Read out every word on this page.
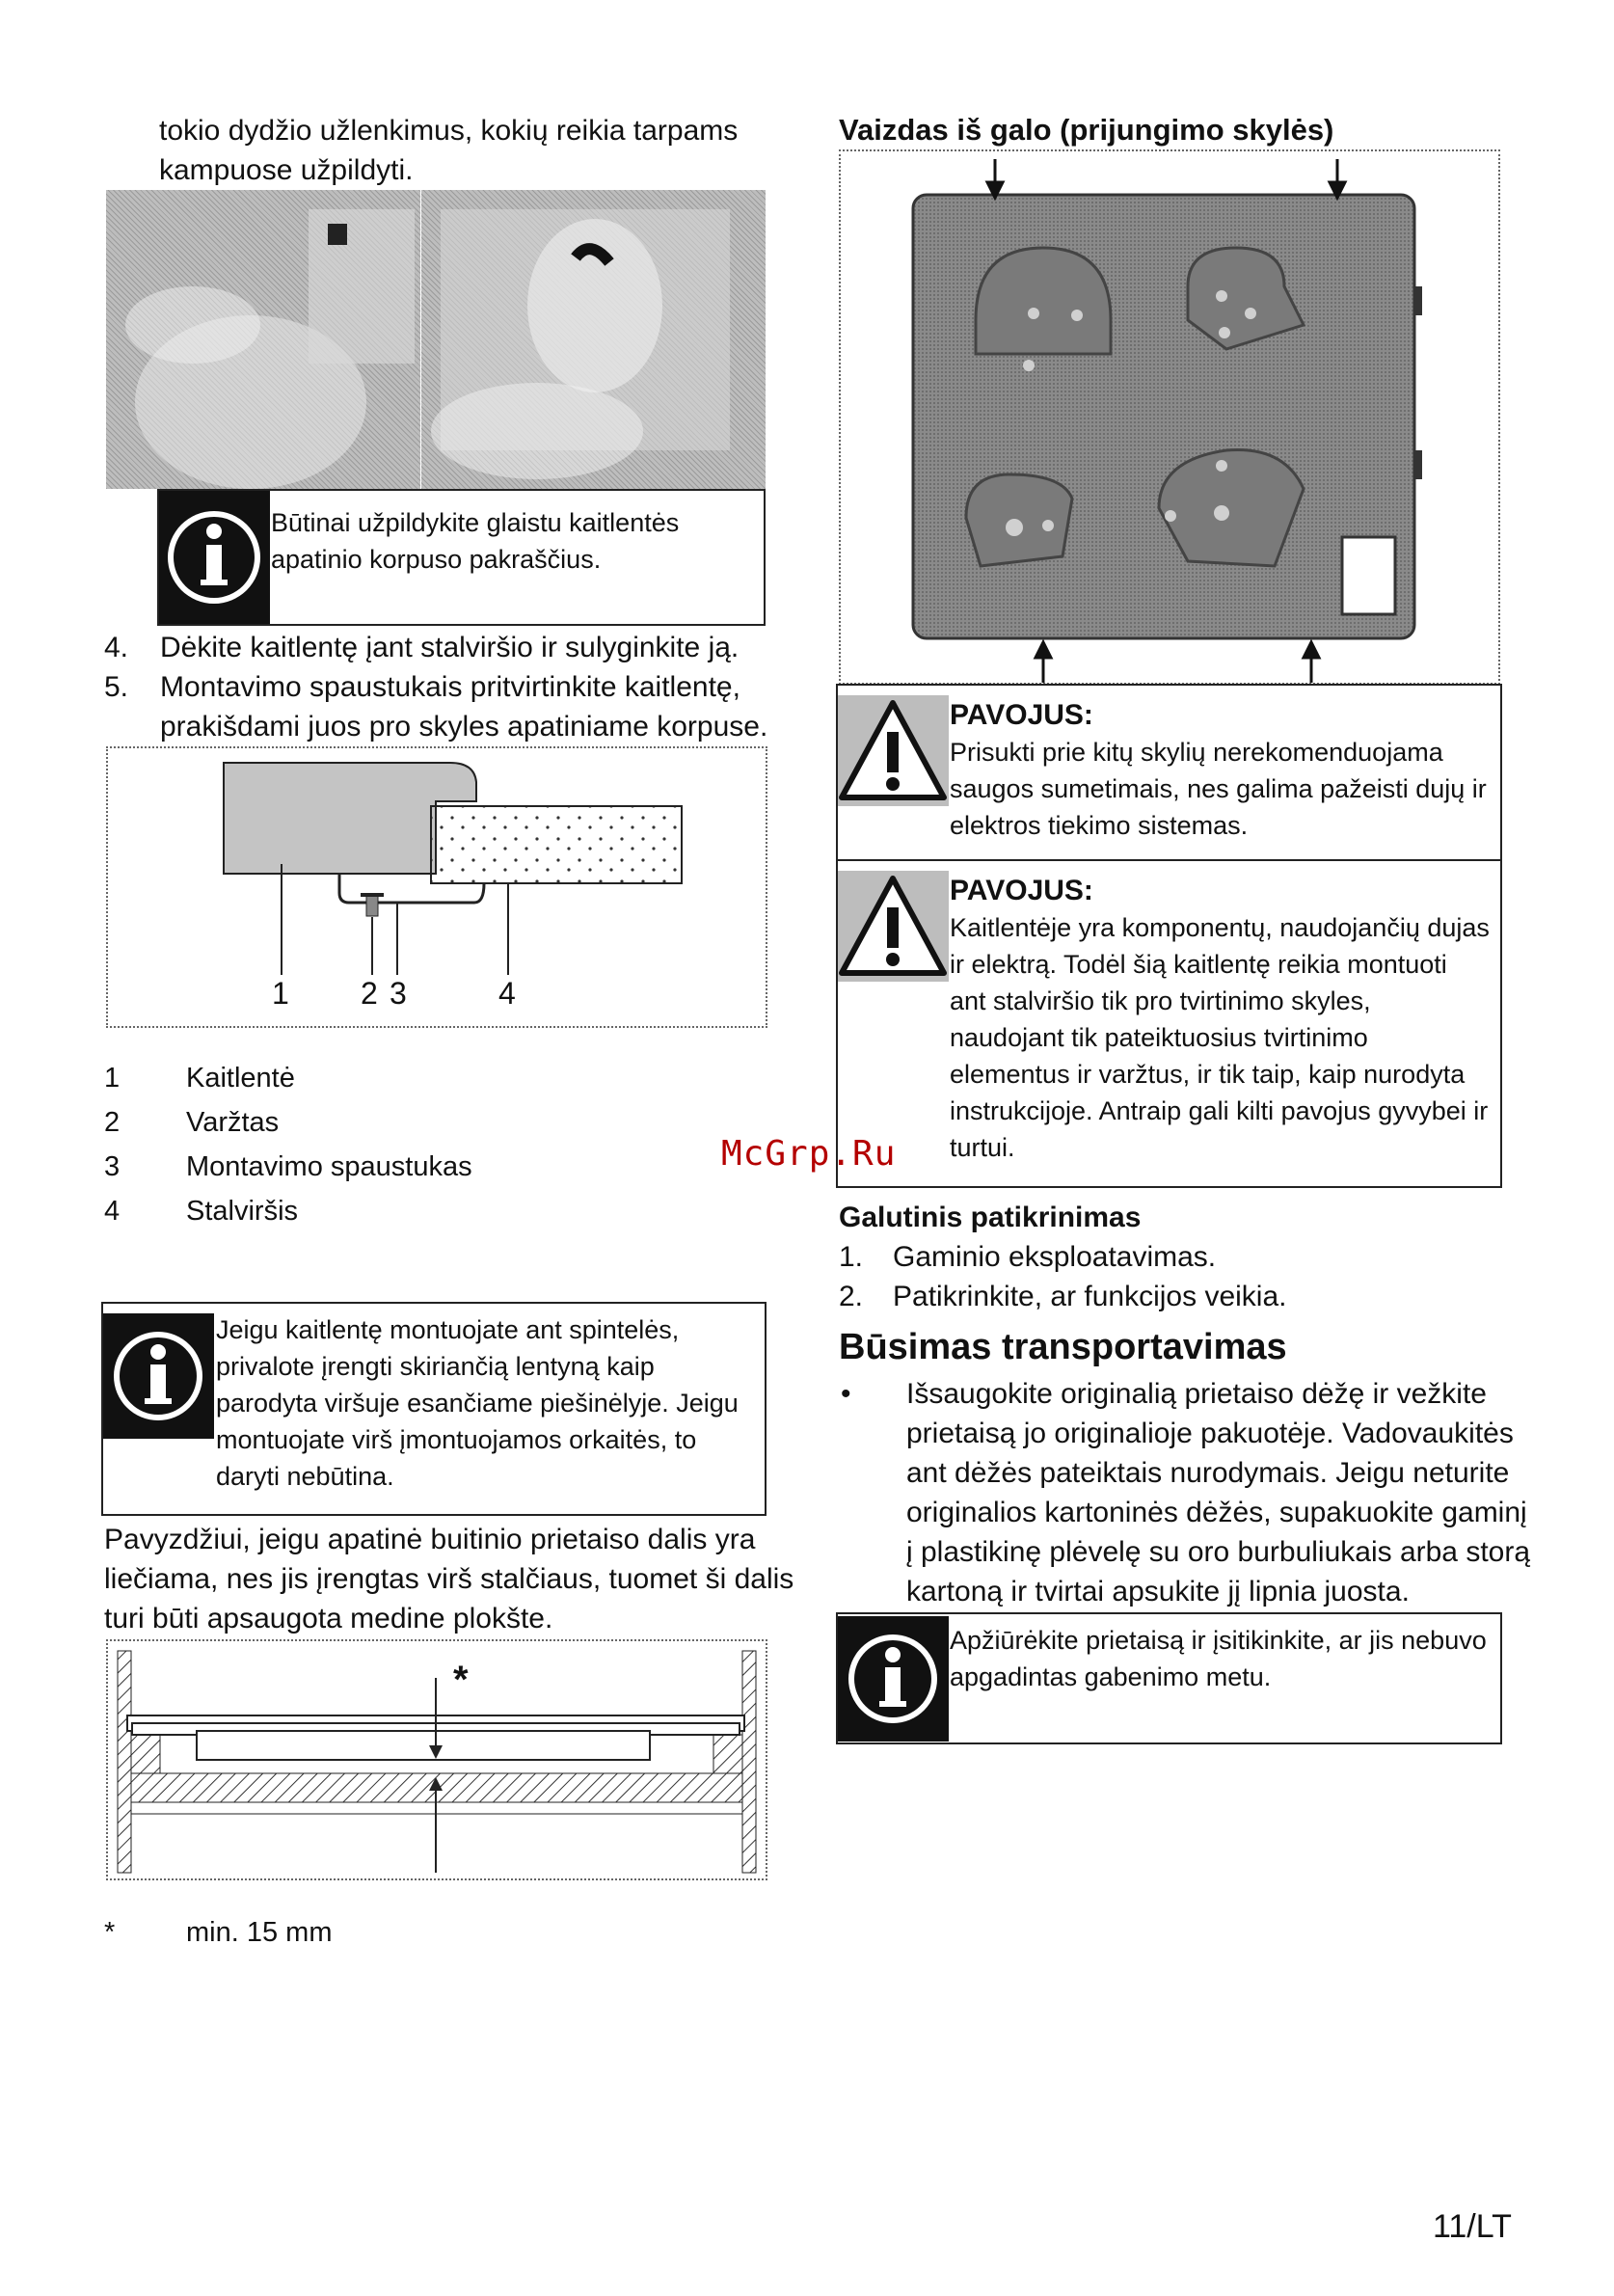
tokio dydžio užlenkimus, kokių reikia tarpams
kampuose užpildyti.
Būtinai užpildykite glaistu kaitlentės
apatinio korpuso pakraščius.
4.	Dėkite kaitlentę įant stalviršio ir sulyginkite ją.
5.	Montavimo spaustukais pritvirtinkite kaitlentę,
prakišdami juos pro skyles apatiniame korpuse.
1 2 3	4
1 Kaitlentė
2 Varžtas
3 Montavimo spaustukas
4 Stalviršis
Jeigu kaitlentę montuojate ant spintelės,
privalote įrengti skiriančią lentyną kaip
parodyta viršuje esančiame piešinėlyje. Jeigu
montuojate virš įmontuojamos orkaitės, to
daryti nebūtina.
Pavyzdžiui, jeigu apatinė buitinio prietaiso dalis yra
liečiama, nes jis įrengtas virš stalčiaus, tuomet ši dalis
turi būti apsaugota medine plokšte.
*
*	min. 15 mm
Vaizdas iš galo (prijungimo skylės)
PAVOJUS:
Prisukti prie kitų skylių nerekomenduojama
saugos sumetimais, nes galima pažeisti dujų ir
elektros tiekimo sistemas.
PAVOJUS:
Kaitlentėje yra komponentų, naudojančių dujas
ir elektrą. Todėl šią kaitlentę reikia montuoti
ant stalviršio tik pro tvirtinimo skyles,
naudojant tik pateiktuosius tvirtinimo
elementus ir varžtus, ir tik taip, kaip nurodyta
instrukcijoje. Antraip gali kilti pavojus gyvybei ir
turtui.
McGrp.Ru
Galutinis patikrinimas
1.	Gaminio eksploatavimas.
2.	Patikrinkite, ar funkcijos veikia.
Būsimas transportavimas
• Išsaugokite originalią prietaiso dėžę ir vežkite
prietaisą jo originalioje pakuotėje. Vadovaukitės
ant dėžės pateiktais nurodymais. Jeigu neturite
originalios kartoninės dėžės, supakuokite gaminį
į plastikinę plėvelę su oro burbuliukais arba storą
kartoną ir tvirtai apsukite jį lipnia juosta.
Apžiūrėkite prietaisą ir įsitikinkite, ar jis nebuvo
apgadintas gabenimo metu.
11/LT
